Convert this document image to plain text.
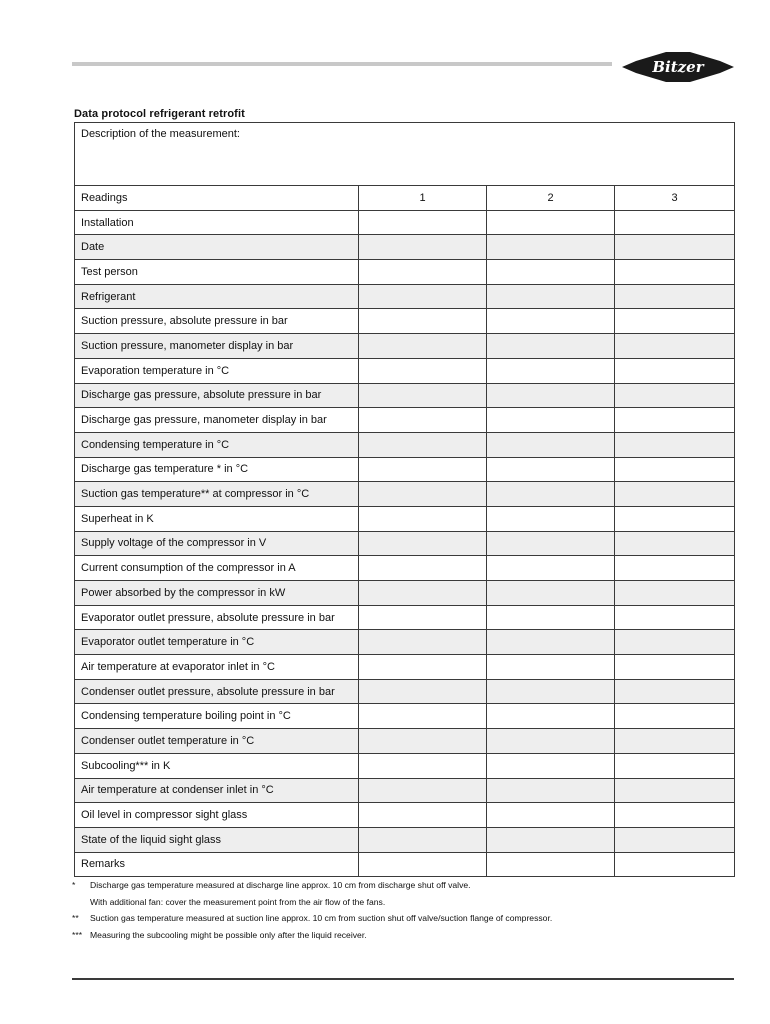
Bitzer
Data protocol refrigerant retrofit
Description of the measurement:			
Readings	1	2	3
Installation			
Date			
Test person			
Refrigerant			
Suction pressure, absolute pressure in bar			
Suction pressure, manometer display in bar			
Evaporation temperature in °C			
Discharge gas pressure, absolute pressure in bar			
Discharge gas pressure, manometer display in bar			
Condensing temperature in °C			
Discharge gas temperature * in °C			
Suction gas temperature** at compressor in °C			
Superheat in K			
Supply voltage of the compressor in V			
Current consumption of the compressor in A			
Power absorbed by the compressor in kW			
Evaporator outlet pressure, absolute pressure in bar			
Evaporator outlet temperature in °C			
Air temperature at evaporator inlet in °C			
Condenser outlet pressure, absolute pressure in bar			
Condensing temperature boiling point in °C			
Condenser outlet temperature in °C			
Subcooling*** in K			
Air temperature at condenser inlet in °C			
Oil level in compressor sight glass			
State of the liquid sight glass			
Remarks			
*	Discharge gas temperature measured at discharge line approx. 10 cm from discharge shut off valve.
With additional fan: cover the measurement point from the air flow of the fans.
**	Suction gas temperature measured at suction line approx. 10 cm from suction shut off valve/suction flange of compressor.
*** Measuring the subcooling might be possible only after the liquid receiver.
